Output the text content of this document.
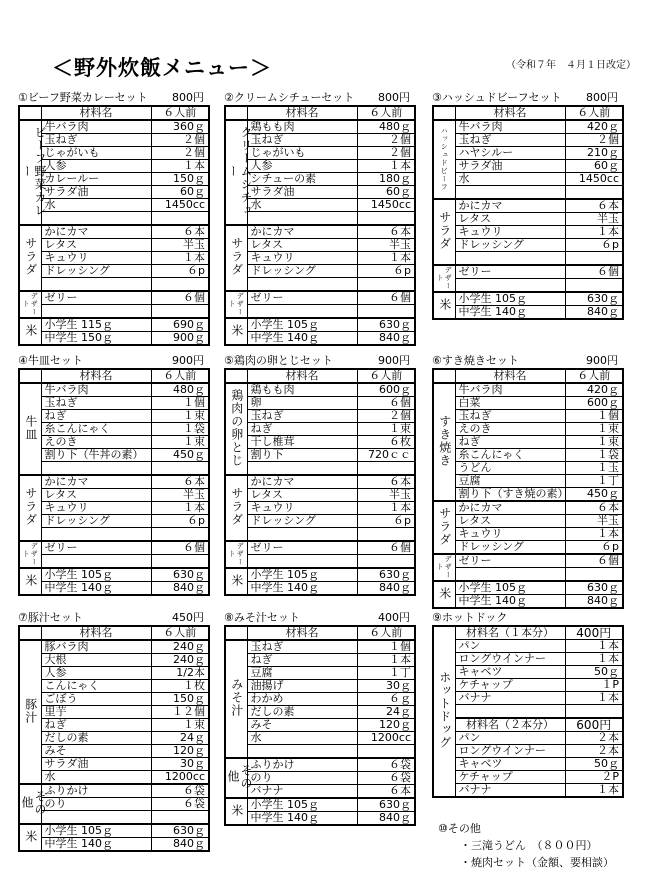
＜野外炊飯メニュー＞	（令和７年　４月１日改定）
①ビーフ野菜カレーセット 800円
	材料名	６人前
ビーフ野菜カレー	牛バラ肉	360ｇ
	玉ねぎ	２個
	じゃがいも	２個
	人参	１本
	カレールー	150ｇ
	サラダ油	60ｇ
	水	1450cc

サラダ	かにカマ	６本
	レタス	半玉
	キュウリ	１本
	ドレッシング	６p

デザート	ゼリー	６個

米	小学生 115ｇ	690ｇ
	中学生 150ｇ	900ｇ
②クリームシチューセット 800円
	材料名	６人前
クリームシチュー	鶏もも肉	480ｇ
	玉ねぎ	２個
	じゃがいも	２個
	人参	１本
	シチューの素	180ｇ
	サラダ油	60ｇ
	水	1450cc

サラダ	かにカマ	６本
	レタス	半玉
	キュウリ	１本
	ドレッシング	６p

デザート	ゼリー	６個

米	小学生 105ｇ	630ｇ
	中学生 140ｇ	840ｇ
③ハッシュドビーフセット 800円
	材料名	６人前
ハッシュドビーフ	牛バラ肉	420ｇ
	玉ねぎ	２個
	ハヤシルー	210ｇ
	サラダ油	60ｇ
	水	1450cc

サラダ	かにカマ	６本
	レタス	半玉
	キュウリ	１本
	ドレッシング	６p

デザート	ゼリー	６個

米	小学生 105ｇ	630ｇ
	中学生 140ｇ	840ｇ
④牛皿セット	900円
	材料名	６人前
牛皿	牛バラ肉	480ｇ
	玉ねぎ	１個
	ねぎ	１束
	糸こんにゃく	１袋
	えのき	１束
	割り下（牛丼の素）	450ｇ

サラダ	かにカマ	６本
	レタス	半玉
	キュウリ	１本
	ドレッシング	６p

デザート	ゼリー	６個

米	小学生 105ｇ	630ｇ
	中学生 140ｇ	840ｇ
⑤鶏肉の卵とじセット	900円
	材料名	６人前
鶏肉の卵とじ	鶏もも肉	600ｇ
	卵	６個
	玉ねぎ	２個
	ねぎ	１束
	干し椎茸	６枚
	割り下	720ｃｃ

サラダ	かにカマ	６本
	レタス	半玉
	キュウリ	１本
	ドレッシング	６p

デザート	ゼリー	６個

米	小学生 105ｇ	630ｇ
	中学生 140ｇ	840ｇ
⑥すき焼きセット	900円
	材料名	６人前
すき焼き	牛バラ肉	420ｇ
	白菜	600ｇ
	玉ねぎ	１個
	えのき	１束
	ねぎ	１束
	糸こんにゃく	１袋
	うどん	１玉
	豆腐	１丁
	割り下（すき焼の素）	450ｇ
サラダ	かにカマ	６本
	レタス	半玉
	キュウリ	１本
	ドレッシング	６p
デザート	ゼリー	６個

米	小学生 105ｇ	630ｇ
	中学生 140ｇ	840ｇ
⑦豚汁セット	450円
	材料名	６人前
豚汁	豚バラ肉	240ｇ
	大根	240ｇ
	人参	1/2本
	こんにゃく	１枚
	ごぼう	150ｇ
	里芋	１２個
	ねぎ	１束
	だしの素	24ｇ
	みそ	120ｇ
	サラダ油	30ｇ
	水	1200cc
その他	ふりかけ	６袋
	のり	６袋

米	小学生 105ｇ	630ｇ
	中学生 140ｇ	840ｇ
⑧みそ汁セット	400円
	材料名	６人前
みそ汁	玉ねぎ	１個
	ねぎ	１本
	豆腐	１丁
	油揚げ	30ｇ
	わかめ	６ｇ
	だしの素	24ｇ
	みそ	120ｇ
	水	1200cc

その他	ふりかけ	６袋
	のり	６袋
	バナナ	６本
米	小学生 105ｇ	630ｇ
	中学生 140ｇ	840ｇ
⑨ホットドック
ホットドッグ	材料名（１本分）	400円
	パン	１本
	ロングウインナー	１本
	キャベツ	50ｇ
	ケチャップ	１P
	バナナ	１本

	材料名（２本分）	600円
	パン	２本
	ロングウインナー	２本
	キャベツ	50ｇ
	ケチャップ	２P
	バナナ	１本
⑩その他
・三滝うどん　（８００円）
・焼肉セット（金額、要相談）
